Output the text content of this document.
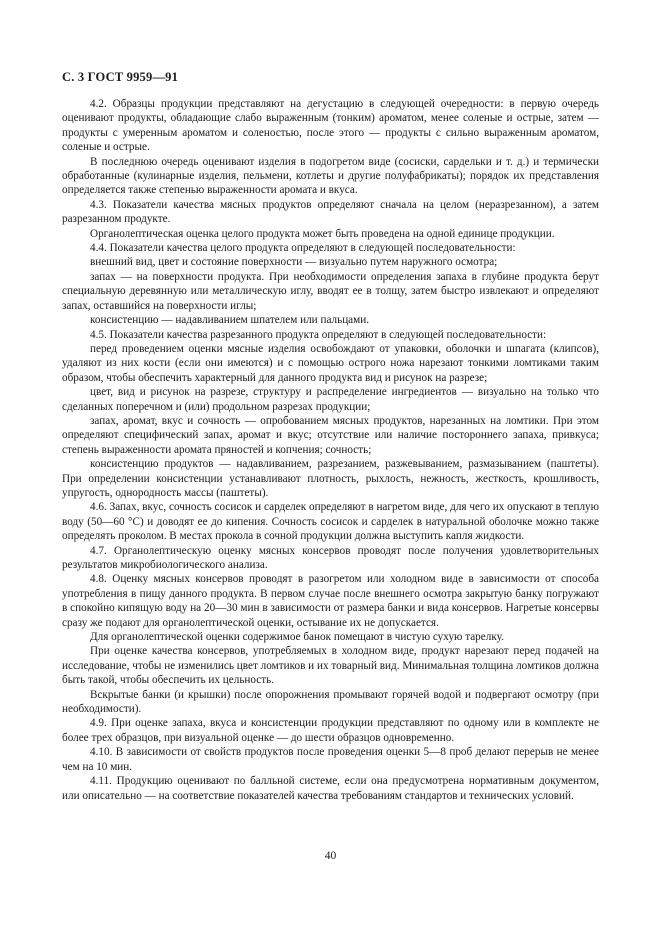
С. 3 ГОСТ 9959—91

4.2. Образцы продукции представляют на дегустацию в следующей очередности: в первую очередь оценивают продукты, обладающие слабо выраженным (тонким) ароматом, менее соленые и острые, затем — продукты с умеренным ароматом и соленостью, после этого — продукты с сильно выраженным ароматом, соленые и острые.

В последнюю очередь оценивают изделия в подогретом виде (сосиски, сардельки и т. д.) и термически обработанные (кулинарные изделия, пельмени, котлеты и другие полуфабрикаты); порядок их представления определяется также степенью выраженности аромата и вкуса.

4.3. Показатели качества мясных продуктов определяют сначала на целом (неразрезанном), а затем разрезанном продукте.

Органолептическая оценка целого продукта может быть проведена на одной единице продукции.

4.4. Показатели качества целого продукта определяют в следующей последовательности:

внешний вид, цвет и состояние поверхности — визуально путем наружного осмотра;

запах — на поверхности продукта. При необходимости определения запаха в глубине продукта берут специальную деревянную или металлическую иглу, вводят ее в толщу, затем быстро извлекают и определяют запах, оставшийся на поверхности иглы;

консистенцию — надавливанием шпателем или пальцами.

4.5. Показатели качества разрезанного продукта определяют в следующей последовательности:

перед проведением оценки мясные изделия освобождают от упаковки, оболочки и шпагата (клипсов), удаляют из них кости (если они имеются) и с помощью острого ножа нарезают тонкими ломтиками таким образом, чтобы обеспечить характерный для данного продукта вид и рисунок на разрезе;

цвет, вид и рисунок на разрезе, структуру и распределение ингредиентов — визуально на только что сделанных поперечном и (или) продольном разрезах продукции;

запах, аромат, вкус и сочность — опробованием мясных продуктов, нарезанных на ломтики. При этом определяют специфический запах, аромат и вкус; отсутствие или наличие постороннего запаха, привкуса; степень выраженности аромата пряностей и копчения; сочность;

консистенцию продуктов — надавливанием, разрезанием, разжевыванием, размазыванием (паштеты). При определении консистенции устанавливают плотность, рыхлость, нежность, жесткость, крошливость, упругость, однородность массы (паштеты).

4.6. Запах, вкус, сочность сосисок и сарделек определяют в нагретом виде, для чего их опускают в теплую воду (50—60 °С) и доводят ее до кипения. Сочность сосисок и сарделек в натуральной оболочке можно также определять проколом. В местах прокола в сочной продукции должна выступить капля жидкости.

4.7. Органолептическую оценку мясных консервов проводят после получения удовлетворительных результатов микробиологического анализа.

4.8. Оценку мясных консервов проводят в разогретом или холодном виде в зависимости от способа употребления в пищу данного продукта. В первом случае после внешнего осмотра закрытую банку погружают в спокойно кипящую воду на 20—30 мин в зависимости от размера банки и вида консервов. Нагретые консервы сразу же подают для органолептической оценки, остывание их не допускается.

Для органолептической оценки содержимое банок помещают в чистую сухую тарелку.

При оценке качества консервов, употребляемых в холодном виде, продукт нарезают перед подачей на исследование, чтобы не изменились цвет ломтиков и их товарный вид. Минимальная толщина ломтиков должна быть такой, чтобы обеспечить их цельность.

Вскрытые банки (и крышки) после опорожнения промывают горячей водой и подвергают осмотру (при необходимости).

4.9. При оценке запаха, вкуса и консистенции продукции представляют по одному или в комплекте не более трех образцов, при визуальной оценке — до шести образцов одновременно.

4.10. В зависимости от свойств продуктов после проведения оценки 5—8 проб делают перерыв не менее чем на 10 мин.

4.11. Продукцию оценивают по балльной системе, если она предусмотрена нормативным документом, или описательно — на соответствие показателей качества требованиям стандартов и технических условий.

40
